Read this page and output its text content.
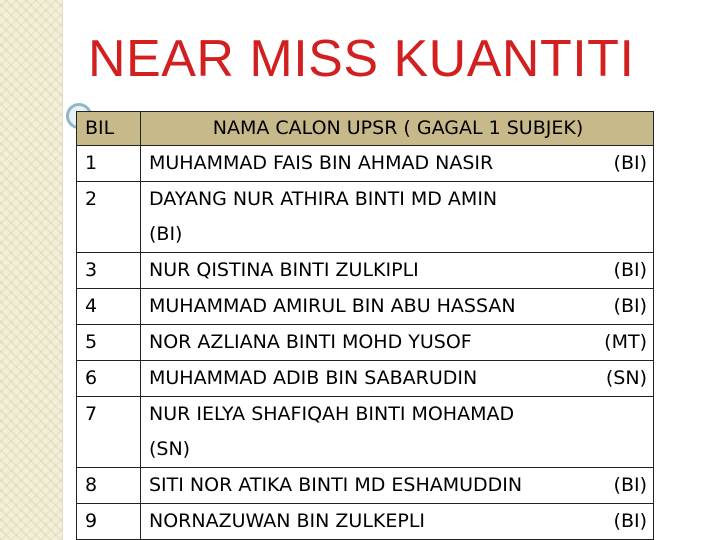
NEAR MISS KUANTITI
BIL	NAMA CALON UPSR ( GAGAL 1 SUBJEK)
1	MUHAMMAD FAIS BIN AHMAD NASIR (BI)

2	DAYANG NUR ATHIRA BINTI MD AMIN
(BI)

3	NUR QISTINA BINTI ZULKIPLI (BI)

4	MUHAMMAD AMIRUL BIN ABU HASSAN (BI)

5	NOR AZLIANA BINTI MOHD YUSOF (MT)

6	MUHAMMAD ADIB BIN SABARUDIN (SN)

7	NUR IELYA SHAFIQAH BINTI MOHAMAD
(SN)

8	SITI NOR ATIKA BINTI MD ESHAMUDDIN (BI)

9	NORNAZUWAN BIN ZULKEPLI (BI)
